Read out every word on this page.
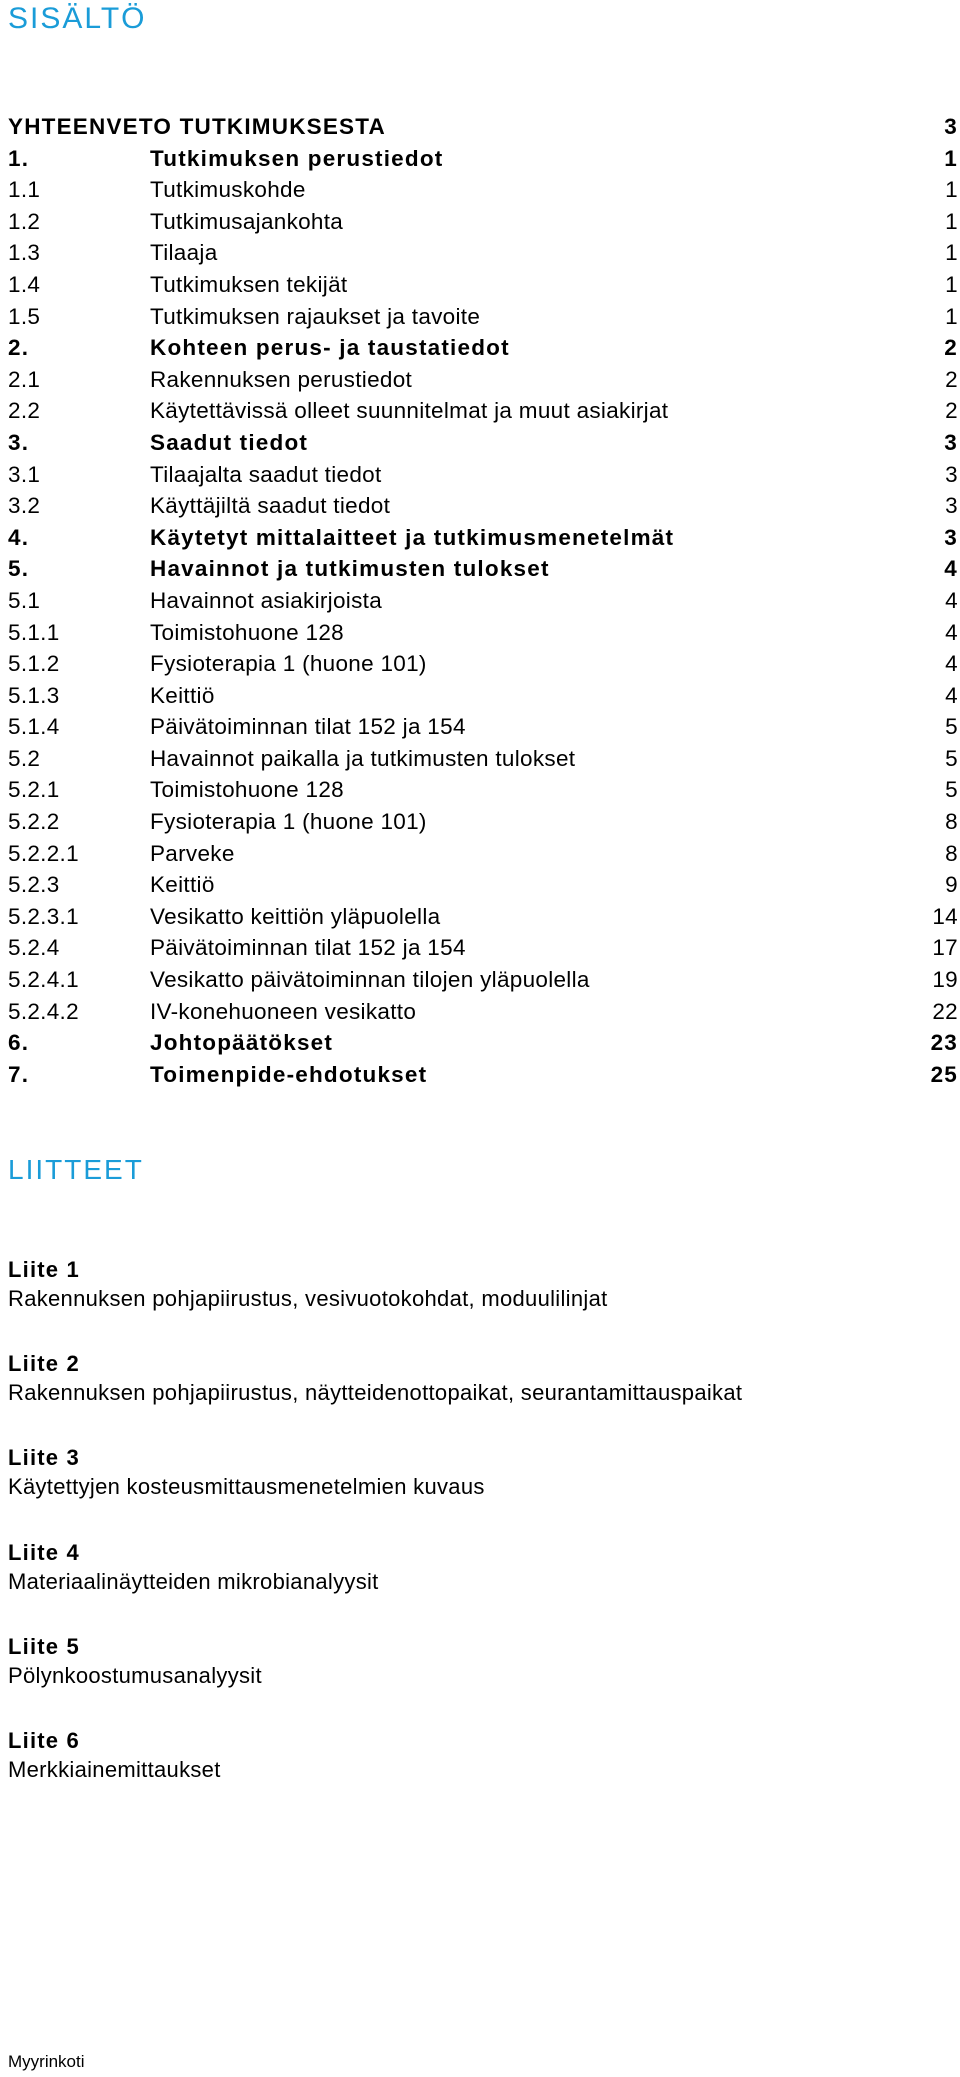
SISÄLTÖ
YHTEENVETO TUTKIMUKSESTA	3
1.	Tutkimuksen perustiedot	1
1.1	Tutkimuskohde	1
1.2	Tutkimusajankohta	1
1.3	Tilaaja	1
1.4	Tutkimuksen tekijät	1
1.5	Tutkimuksen rajaukset ja tavoite	1
2.	Kohteen perus- ja taustatiedot	2
2.1	Rakennuksen perustiedot	2
2.2	Käytettävissä olleet suunnitelmat ja muut asiakirjat	2
3.	Saadut tiedot	3
3.1	Tilaajalta saadut tiedot	3
3.2	Käyttäjiltä saadut tiedot	3
4.	Käytetyt mittalaitteet ja tutkimusmenetelmät	3
5.	Havainnot ja tutkimusten tulokset	4
5.1	Havainnot asiakirjoista	4
5.1.1	Toimistohuone 128	4
5.1.2	Fysioterapia 1 (huone 101)	4
5.1.3	Keittiö	4
5.1.4	Päivätoiminnan tilat 152 ja 154	5
5.2	Havainnot paikalla ja tutkimusten tulokset	5
5.2.1	Toimistohuone 128	5
5.2.2	Fysioterapia 1 (huone 101)	8
5.2.2.1	Parveke	8
5.2.3	Keittiö	9
5.2.3.1	Vesikatto keittiön yläpuolella	14
5.2.4	Päivätoiminnan tilat 152 ja 154	17
5.2.4.1	Vesikatto päivätoiminnan tilojen yläpuolella	19
5.2.4.2	IV-konehuoneen vesikatto	22
6.	Johtopäätökset	23
7.	Toimenpide-ehdotukset	25
LIITTEET
Liite 1
Rakennuksen pohjapiirustus, vesivuotokohdat, moduulilinjat
Liite 2
Rakennuksen pohjapiirustus, näytteidenottopaikat, seurantamittauspaikat
Liite 3
Käytettyjen kosteusmittausmenetelmien kuvaus
Liite 4
Materiaalinäytteiden mikrobianalyysit
Liite 5
Pölynkoostumusanalyysit
Liite 6
Merkkiainemittaukset
Myyrinkoti
